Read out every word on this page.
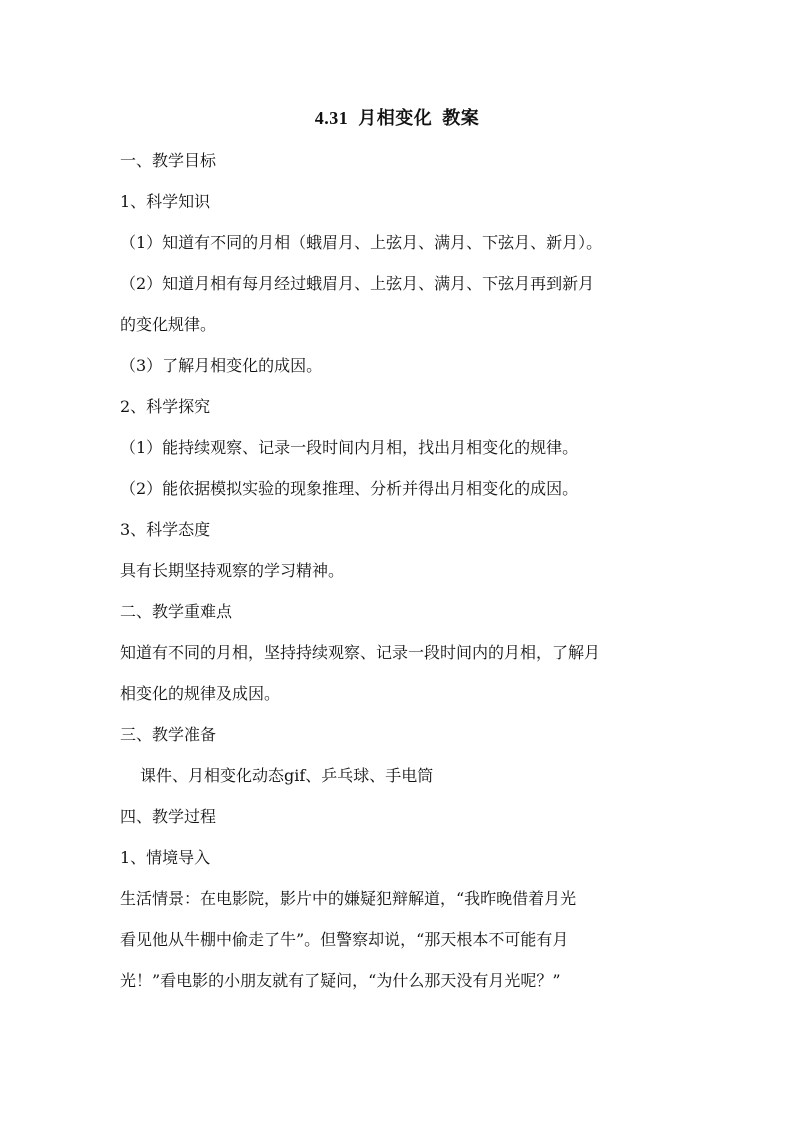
4.31  月相变化  教案

一、教学目标

1、科学知识

（1）知道有不同的月相（蛾眉月、上弦月、满月、下弦月、新月）。

（2）知道月相有每月经过蛾眉月、上弦月、满月、下弦月再到新月

的变化规律。

（3）了解月相变化的成因。

2、科学探究

（1）能持续观察、记录一段时间内月相，找出月相变化的规律。

（2）能依据模拟实验的现象推理、分析并得出月相变化的成因。

3、科学态度

具有长期坚持观察的学习精神。

二、教学重难点

知道有不同的月相，坚持持续观察、记录一段时间内的月相，了解月

相变化的规律及成因。

三、教学准备

课件、月相变化动态gif、乒乓球、手电筒

四、教学过程

1、情境导入

生活情景：在电影院，影片中的嫌疑犯辩解道，“我昨晚借着月光

看见他从牛棚中偷走了牛”。但警察却说，“那天根本不可能有月

光！”看电影的小朋友就有了疑问，“为什么那天没有月光呢？”
